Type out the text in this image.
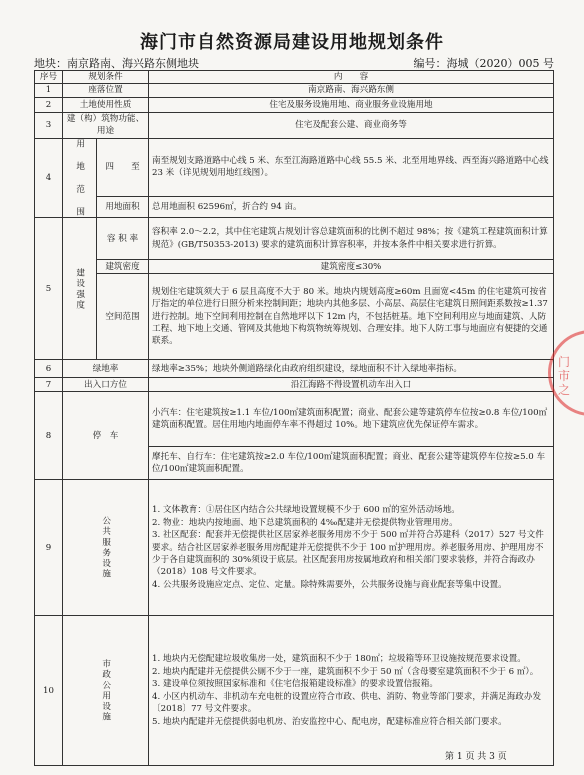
海门市自然资源局建设用地规划条件
地块：南京路南、海兴路东侧地块	编号：海城（2020）005 号
序号	规划条件		内　　容
1	座落位置		南京路南、海兴路东侧
2	土地使用性质		住宅及服务设施用地、商业服务业设施用地
3	建（构）筑物功能、用途		住宅及配套公建、商业商务等
4	用 地 范 围	四　　至	南至规划支路道路中心线 5 米、东至江海路道路中心线 55.5 米、北至用地界线、西至海兴路道路中心线 23 米（详见规划用地红线图）。
		用地面积	总用地面积 62596㎡，折合约 94 亩。
5	建设强度	容 积 率	容积率 2.0～2.2，其中住宅建筑占规划计容总建筑面积的比例不超过 98%；按《建筑工程建筑面积计算规范》(GB/T50353-2013) 要求的建筑面积计算容积率，并按本条件中相关要求进行折算。
		建筑密度	建筑密度≤30%
		空间范围	规划住宅建筑须大于 6 层且高度不大于 80 米。地块内规划高度≥60m 且面宽<45m 的住宅建筑可按省厅指定的单位进行日照分析来控制间距；地块内其他多层、小高层、高层住宅建筑日照间距系数按≥1.37 进行控制。地下空间利用控制在自然地坪以下 12m 内，不包括桩基。地下空间利用应与地面建筑、人防工程、地下地上交通、管网及其他地下构筑物统筹规划、合理安排。地下人防工事与地面应有便捷的交通联系。
6	绿地率		绿地率≥35%；地块外侧道路绿化由政府组织建设，绿地面积不计入绿地率指标。
7	出入口方位		沿江海路不得设置机动车出入口
8	停　车		小汽车：住宅建筑按≥1.1 车位/100㎡建筑面积配置；商业、配套公建等建筑停车位按≥0.8 车位/100㎡建筑面积配置。居住用地内地面停车率不得超过 10%。地下建筑应优先保证停车需求。
			摩托车、自行车：住宅建筑按≥2.0 车位/100㎡建筑面积配置；商业、配套公建等建筑停车位按≥5.0 车位/100㎡建筑面积配置。
9	公共服务设施		1. 文体教育：①居住区内结合公共绿地设置规模不少于 600 ㎡的室外活动场地。
2. 物业：地块内按地面、地下总建筑面积的 4‰配建并无偿提供物业管理用房。
3. 社区配套：配套并无偿提供社区居家养老服务用房不少于 500 ㎡并符合苏建科（2017）527 号文件要求。结合社区居家养老服务用房配建并无偿提供不少于 100 ㎡护理用房。养老服务用房、护理用房不少于各自建筑面积的 30%须设于底层。社区配套用房按属地政府和相关部门要求装修，并符合海政办（2018）108 号文件要求。
4. 公共服务设施应定点、定位、定量。除特殊需要外，公共服务设施与商业配套等集中设置。

10	市政公用设施		1. 地块内无偿配建垃圾收集房一处，建筑面积不少于 180㎡；垃圾箱等环卫设施按规范要求设置。
2. 地块内配建并无偿提供公厕不少于一座，建筑面积不少于 50 ㎡（含母婴室建筑面积不少于 6 ㎡）。
3. 建设单位须按照国家标准和《住宅信报箱建设标准》的要求设置信报箱。
4. 小区内机动车、非机动车充电桩的设置应符合市政、供电、消防、物业等部门要求，并满足海政办发〔2018〕77 号文件要求。
5. 地块内配建并无偿提供弱电机房、治安监控中心、配电房，配建标准应符合相关部门要求。
门市之
第 1 页 共 3 页
